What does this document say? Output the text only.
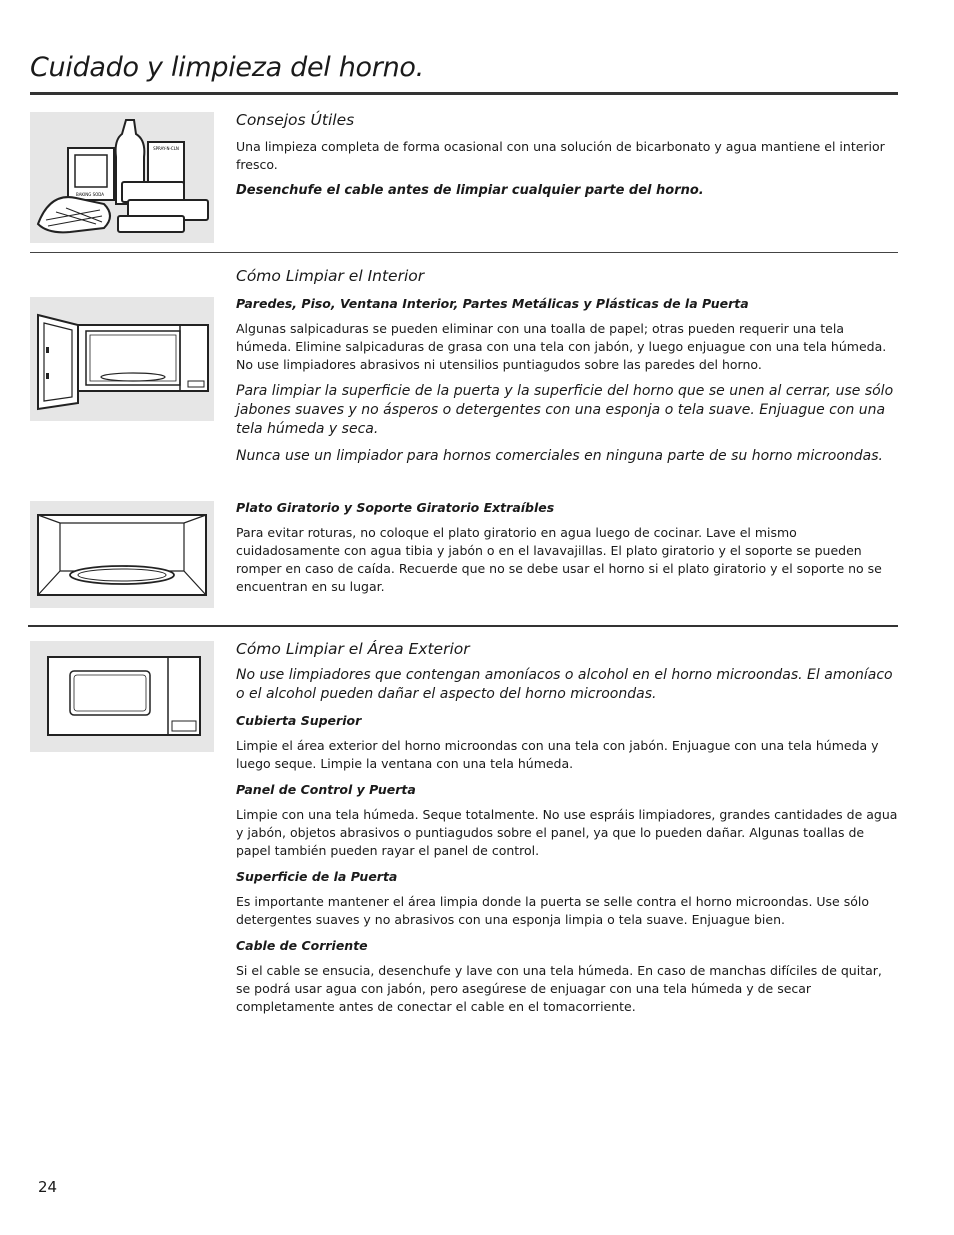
Cuidado y limpieza del horno.
BAKING SODA
SPRAY-N-CLN
Consejos Útiles

Una limpieza completa de forma ocasional con una solución de bicarbonato y agua mantiene el interior fresco.

Desenchufe el cable antes de limpiar cualquier parte del horno.

Cómo Limpiar el Interior
Paredes, Piso, Ventana Interior, Partes Metálicas y Plásticas de la Puerta

Algunas salpicaduras se pueden eliminar con una toalla de papel; otras pueden requerir una tela húmeda. Elimine salpicaduras de grasa con una tela con jabón, y luego enjuague con una tela húmeda. No use limpiadores abrasivos ni utensilios puntiagudos sobre las paredes del horno.

Para limpiar la superficie de la puerta y la superficie del horno que se unen al cerrar, use sólo jabones suaves y no ásperos o detergentes con una esponja o tela suave. Enjuague con una tela húmeda y seca.

Nunca use un limpiador para hornos comerciales en ninguna parte de su horno microondas.

Plato Giratorio y Soporte Giratorio Extraíbles

Para evitar roturas, no coloque el plato giratorio en agua luego de cocinar. Lave el mismo cuidadosamente con agua tibia y jabón o en el lavavajillas. El plato giratorio y el soporte se pueden romper en caso de caída. Recuerde que no se debe usar el horno si el plato giratorio y el soporte no se encuentran en su lugar.

Cómo Limpiar el Área Exterior

No use limpiadores que contengan amoníacos o alcohol en el horno microondas. El amoníaco o el alcohol pueden dañar el aspecto del horno microondas.

Cubierta Superior

Limpie el área exterior del horno microondas con una tela con jabón. Enjuague con una tela húmeda y luego seque. Limpie la ventana con una tela húmeda.

Panel de Control y Puerta

Limpie con una tela húmeda. Seque totalmente. No use espráis limpiadores, grandes cantidades de agua y jabón, objetos abrasivos o puntiagudos sobre el panel, ya que lo pueden dañar. Algunas toallas de papel también pueden rayar el panel de control.

Superficie de la Puerta

Es importante mantener el área limpia donde la puerta se selle contra el horno microondas. Use sólo detergentes suaves y no abrasivos con una esponja limpia o tela suave. Enjuague bien.

Cable de Corriente

Si el cable se ensucia, desenchufe y lave con una tela húmeda. En caso de manchas difíciles de quitar, se podrá usar agua con jabón, pero asegúrese de enjuagar con una tela húmeda y de secar completamente antes de conectar el cable en el tomacorriente.

24
